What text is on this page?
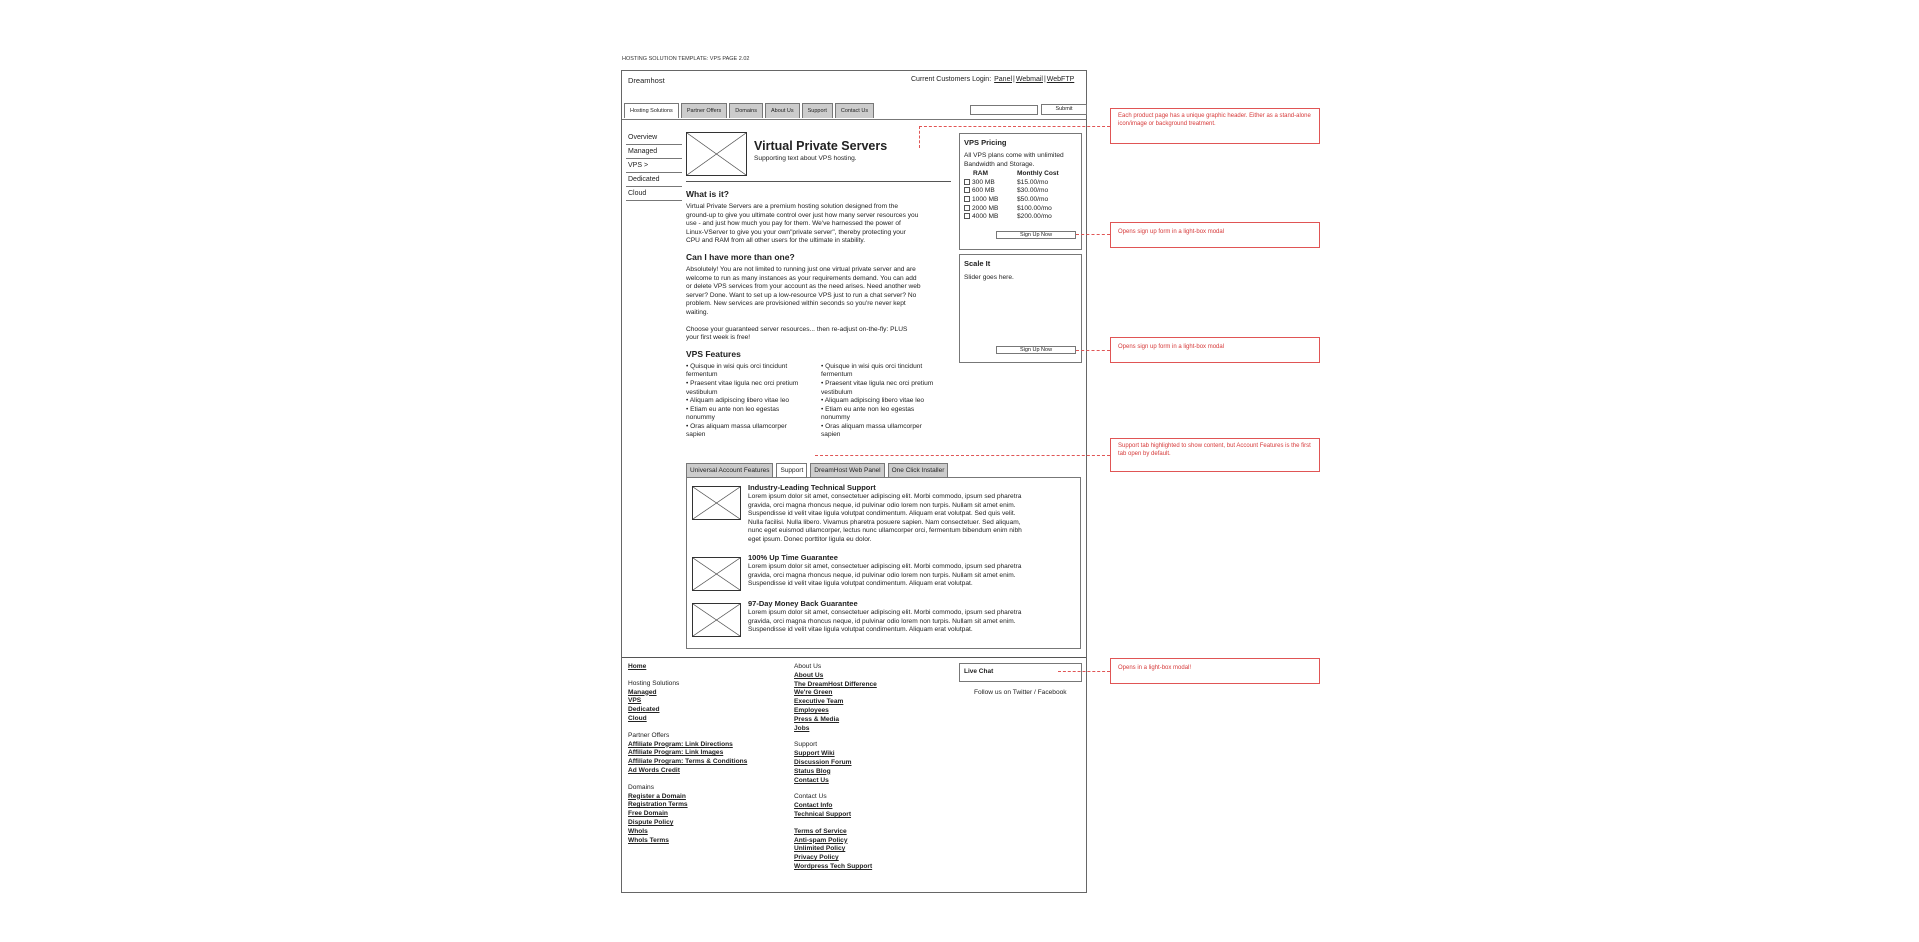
HOSTING SOLUTION TEMPLATE: VPS PAGE 2.02
Dreamhost	Current Customers Login: Panel|Webmail|WebFTP
Hosting Solutions	Partner Offers	Domains	About Us	Support	Contact Us	Submit
Overview
Managed
VPS >
Dedicated
Cloud
Virtual Private Servers
Supporting text about VPS hosting.
What is it?
Virtual Private Servers are a premium hosting solution designed from the
ground-up to give you ultimate control over just how many server resources you
use - and just how much you pay for them. We've harnessed the power of
Linux-VServer to give you your own"private server", thereby protecting your
CPU and RAM from all other users for the ultimate in stability.
Can I have more than one?
Absolutely! You are not limited to running just one virtual private server and are
welcome to run as many instances as your requirements demand. You can add
or delete VPS services from your account as the need arises. Need another web
server? Done. Want to set up a low-resource VPS just to run a chat server? No
problem. New services are provisioned within seconds so you're never kept
waiting.
Choose your guaranteed server resources... then re-adjust on-the-fly: PLUS
your first week is free!
VPS Features
• Quisque in wisi quis orci tincidunt
fermentum
• Praesent vitae ligula nec orci pretium
vestibulum
• Aliquam adipiscing libero vitae leo
• Etiam eu ante non leo egestas
nonummy
• Oras aliquam massa ullamcorper
sapien
• Quisque in wisi quis orci tincidunt
fermentum
• Praesent vitae ligula nec orci pretium
vestibulum
• Aliquam adipiscing libero vitae leo
• Etiam eu ante non leo egestas
nonummy
• Oras aliquam massa ullamcorper
sapien
VPS Pricing
All VPS plans come with unlimited
Bandwidth and Storage.
RAM	Monthly Cost
300 MB	$15.00/mo
600 MB	$30.00/mo
1000 MB	$50.00/mo
2000 MB	$100.00/mo
4000 MB	$200.00/mo
Sign Up Now
Scale It
Slider goes here.
Sign Up Now
Universal Account Features	Support	DreamHost Web Panel	One Click Installer
Industry-Leading Technical Support
Lorem ipsum dolor sit amet, consectetuer adipiscing elit. Morbi commodo, ipsum sed pharetra
gravida, orci magna rhoncus neque, id pulvinar odio lorem non turpis. Nullam sit amet enim.
Suspendisse id velit vitae ligula volutpat condimentum. Aliquam erat volutpat. Sed quis velit.
Nulla facilisi. Nulla libero. Vivamus pharetra posuere sapien. Nam consectetuer. Sed aliquam,
nunc eget euismod ullamcorper, lectus nunc ullamcorper orci, fermentum bibendum enim nibh
eget ipsum. Donec porttitor ligula eu dolor.
100% Up Time Guarantee
Lorem ipsum dolor sit amet, consectetuer adipiscing elit. Morbi commodo, ipsum sed pharetra
gravida, orci magna rhoncus neque, id pulvinar odio lorem non turpis. Nullam sit amet enim.
Suspendisse id velit vitae ligula volutpat condimentum. Aliquam erat volutpat.
97-Day Money Back Guarantee
Lorem ipsum dolor sit amet, consectetuer adipiscing elit. Morbi commodo, ipsum sed pharetra
gravida, orci magna rhoncus neque, id pulvinar odio lorem non turpis. Nullam sit amet enim.
Suspendisse id velit vitae ligula volutpat condimentum. Aliquam erat volutpat.
Home
Hosting Solutions
Managed
VPS
Dedicated
Cloud
Partner Offers
Affiliate Program: Link Directions
Affiliate Program: Link Images
Affiliate Program: Terms & Conditions
Ad Words Credit
Domains
Register a Domain
Registration Terms
Free Domain
Dispute Policy
WhoIs
WhoIs Terms
About Us
About Us
The DreamHost Difference
We're Green
Executive Team
Employees
Press & Media
Jobs
Support
Support Wiki
Discussion Forum
Status Blog
Contact Us
Contact Us
Contact Info
Technical Support
Terms of Service
Anti-spam Policy
Unlimited Policy
Privacy Policy
Wordpress Tech Support
Live Chat
Follow us on Twitter / Facebook
Each product page has a unique graphic header. Either as a stand-alone icon/image or background treatment.
Opens sign up form in a light-box modal
Opens sign up form in a light-box modal
Support tab highlighted to show content, but Account Features is the first tab open by default.
Opens in a light-box modal!
